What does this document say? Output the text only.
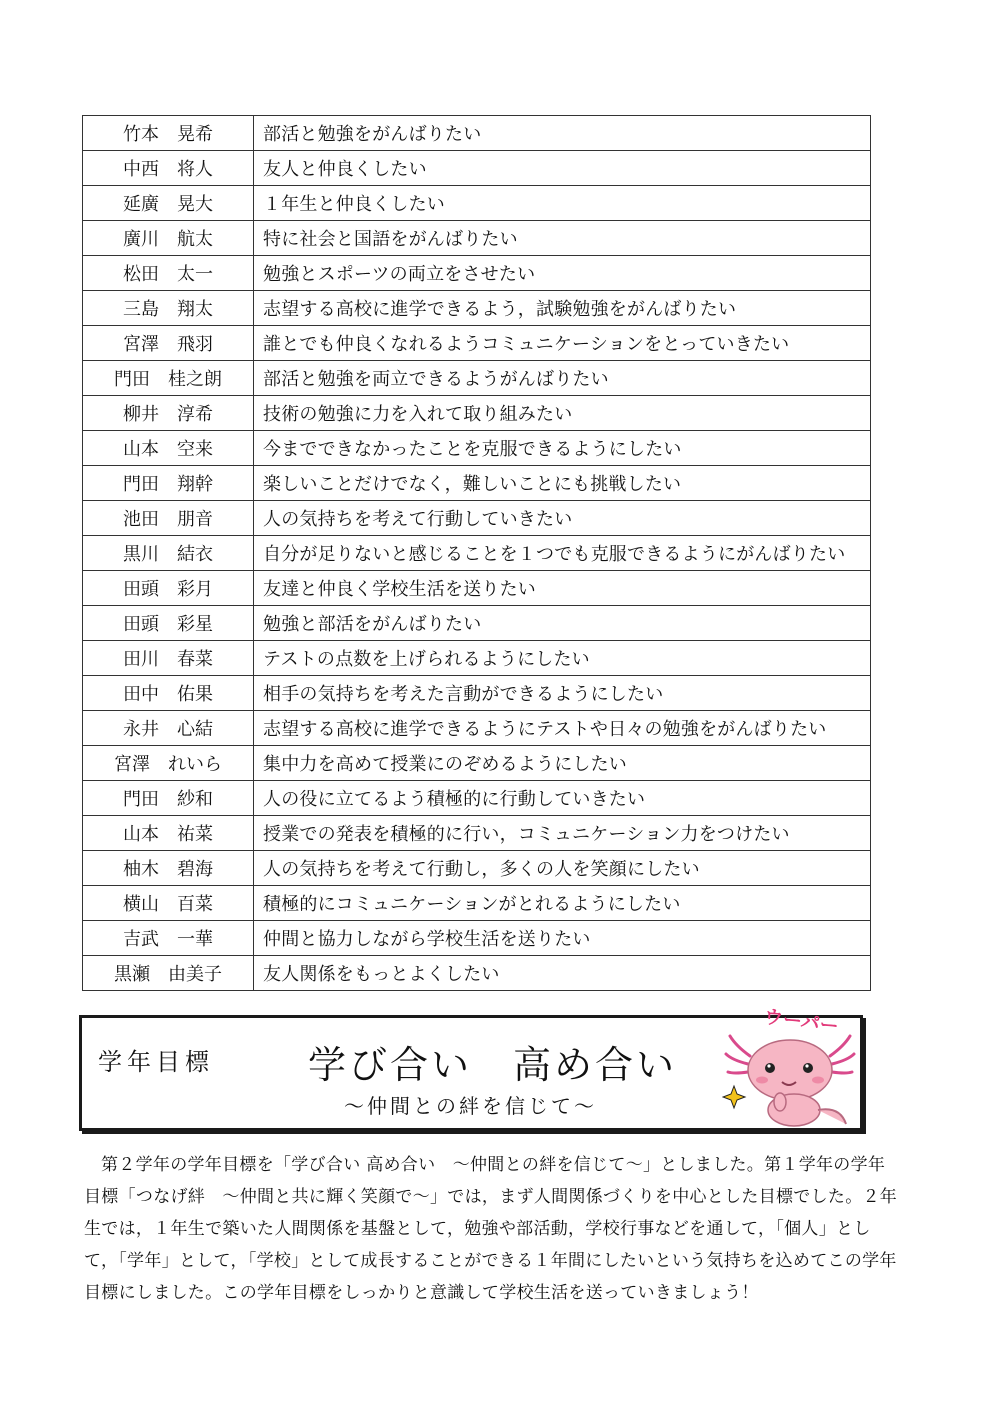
竹本　晃希	部活と勉強をがんばりたい
中西　将人	友人と仲良くしたい
延廣　晃大	１年生と仲良くしたい
廣川　航太	特に社会と国語をがんばりたい
松田　太一	勉強とスポーツの両立をさせたい
三島　翔太	志望する高校に進学できるよう，試験勉強をがんばりたい
宮澤　飛羽	誰とでも仲良くなれるようコミュニケーションをとっていきたい
門田　桂之朗	部活と勉強を両立できるようがんばりたい
柳井　淳希	技術の勉強に力を入れて取り組みたい
山本　空来	今までできなかったことを克服できるようにしたい
門田　翔幹	楽しいことだけでなく，難しいことにも挑戦したい
池田　朋音	人の気持ちを考えて行動していきたい
黒川　結衣	自分が足りないと感じることを１つでも克服できるようにがんばりたい
田頭　彩月	友達と仲良く学校生活を送りたい
田頭　彩星	勉強と部活をがんばりたい
田川　春菜	テストの点数を上げられるようにしたい
田中　佑果	相手の気持ちを考えた言動ができるようにしたい
永井　心結	志望する高校に進学できるようにテストや日々の勉強をがんばりたい
宮澤　れいら	集中力を高めて授業にのぞめるようにしたい
門田　紗和	人の役に立てるよう積極的に行動していきたい
山本　祐菜	授業での発表を積極的に行い，コミュニケーション力をつけたい
柚木　碧海	人の気持ちを考えて行動し，多くの人を笑顔にしたい
横山　百菜	積極的にコミュニケーションがとれるようにしたい
吉武　一華	仲間と協力しながら学校生活を送りたい
黒瀬　由美子	友人関係をもっとよくしたい
学年目標 学び合い　高め合い
～仲間との絆を信じて～
ウーパー

第２学年の学年目標を「学び合い 高め合い　～仲間との絆を信じて～」としました。第１学年の学年目標「つなげ絆　～仲間と共に輝く笑顔で～」では，まず人間関係づくりを中心とした目標でした。２年生では，１年生で築いた人間関係を基盤として，勉強や部活動，学校行事などを通して，「個人」として，「学年」として，「学校」として成長することができる１年間にしたいという気持ちを込めてこの学年目標にしました。この学年目標をしっかりと意識して学校生活を送っていきましょう！
